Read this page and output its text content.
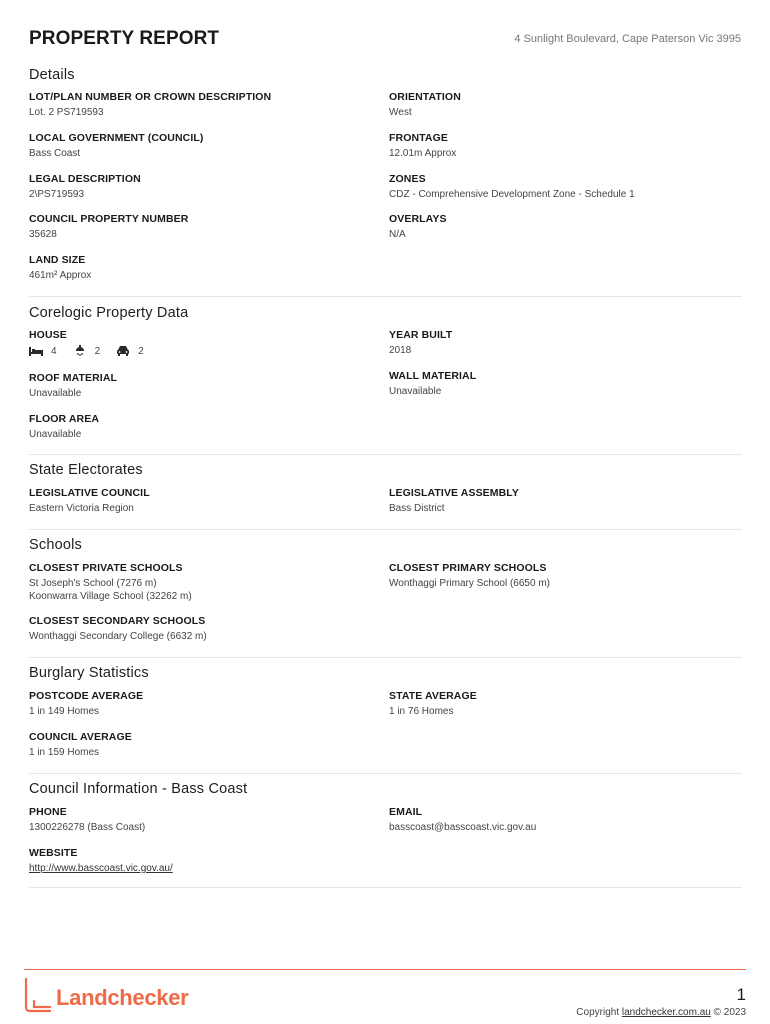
PROPERTY REPORT	4 Sunlight Boulevard, Cape Paterson Vic 3995
Details
LOT/PLAN NUMBER OR CROWN DESCRIPTION
Lot. 2 PS719593
ORIENTATION
West
LOCAL GOVERNMENT (COUNCIL)
Bass Coast
FRONTAGE
12.01m Approx
LEGAL DESCRIPTION
2\PS719593
ZONES
CDZ - Comprehensive Development Zone - Schedule 1
COUNCIL PROPERTY NUMBER
35628
OVERLAYS
N/A
LAND SIZE
461m² Approx
Corelogic Property Data
HOUSE
4	2	2
YEAR BUILT
2018
ROOF MATERIAL
Unavailable
WALL MATERIAL
Unavailable
FLOOR AREA
Unavailable
State Electorates
LEGISLATIVE COUNCIL
Eastern Victoria Region
LEGISLATIVE ASSEMBLY
Bass District
Schools
CLOSEST PRIVATE SCHOOLS
St Joseph's School (7276 m)
Koonwarra Village School (32262 m)
CLOSEST PRIMARY SCHOOLS
Wonthaggi Primary School (6650 m)
CLOSEST SECONDARY SCHOOLS
Wonthaggi Secondary College (6632 m)
Burglary Statistics
POSTCODE AVERAGE
1 in 149 Homes
STATE AVERAGE
1 in 76 Homes
COUNCIL AVERAGE
1 in 159 Homes
Council Information - Bass Coast
PHONE
1300226278 (Bass Coast)
EMAIL
basscoast@basscoast.vic.gov.au
WEBSITE
http://www.basscoast.vic.gov.au/
Landchecker	1
Copyright landchecker.com.au © 2023
